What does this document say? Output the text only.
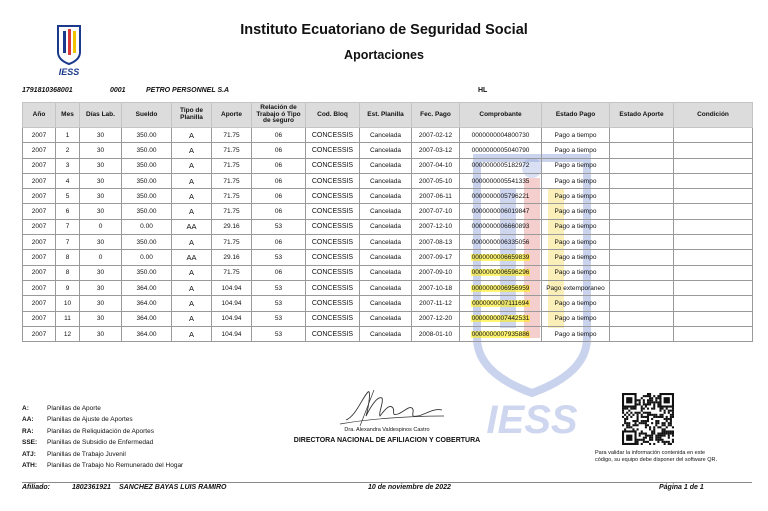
IESS
Instituto Ecuatoriano de Seguridad Social
Aportaciones
1791810368001	0001	PETRO PERSONNEL S.A	HL
IESS
Año	Mes	Días Lab.	Sueldo	Tipo de Planilla	Aporte	Relación de Trabajo ó Tipo de seguro	Cod. Bloq	Est. Planilla	Fec. Pago	Comprobante	Estado Pago	Estado Aporte	Condición
2007	1	30	350.00	A	71.75	06	CONCESSIS	Cancelada	2007-02-12	0000000004800730	Pago a tiempo		
2007	2	30	350.00	A	71.75	06	CONCESSIS	Cancelada	2007-03-12	0000000005040790	Pago a tiempo		
2007	3	30	350.00	A	71.75	06	CONCESSIS	Cancelada	2007-04-10	0000000005182972	Pago a tiempo		
2007	4	30	350.00	A	71.75	06	CONCESSIS	Cancelada	2007-05-10	0000000005541335	Pago a tiempo		
2007	5	30	350.00	A	71.75	06	CONCESSIS	Cancelada	2007-06-11	0000000005796221	Pago a tiempo		
2007	6	30	350.00	A	71.75	06	CONCESSIS	Cancelada	2007-07-10	0000000006019847	Pago a tiempo		
2007	7	0	0.00	AA	29.16	53	CONCESSIS	Cancelada	2007-12-10	0000000006660893	Pago a tiempo		
2007	7	30	350.00	A	71.75	06	CONCESSIS	Cancelada	2007-08-13	0000000006335056	Pago a tiempo		
2007	8	0	0.00	AA	29.16	53	CONCESSIS	Cancelada	2007-09-17	0000000006659839	Pago a tiempo		
2007	8	30	350.00	A	71.75	06	CONCESSIS	Cancelada	2007-09-10	0000000006596296	Pago a tiempo		
2007	9	30	364.00	A	104.94	53	CONCESSIS	Cancelada	2007-10-18	0000000006956959	Pago extemporaneo		
2007	10	30	364.00	A	104.94	53	CONCESSIS	Cancelada	2007-11-12	0000000007111694	Pago a tiempo		
2007	11	30	364.00	A	104.94	53	CONCESSIS	Cancelada	2007-12-20	0000000007442531	Pago a tiempo		
2007	12	30	364.00	A	104.94	53	CONCESSIS	Cancelada	2008-01-10	0000000007935886	Pago a tiempo		
A:	Planillas de Aporte
AA: Planillas de Ajuste de Aportes
RA: Planillas de Reliquidación de Aportes
SSE: Planillas de Subsidio de Enfermedad
ATJ: Planillas de Trabajo Juvenil
ATH: Planillas de Trabajo No Remunerado del Hogar
Dra. Alexandra Valdespinos Castro
DIRECTORA NACIONAL DE AFILIACION Y COBERTURA
Para validar la información contenida en este código, su equipo debe disponer del software QR.
Afiliado:	1802361921 SANCHEZ BAYAS LUIS RAMIRO	10 de noviembre de 2022	Página 1 de 1
